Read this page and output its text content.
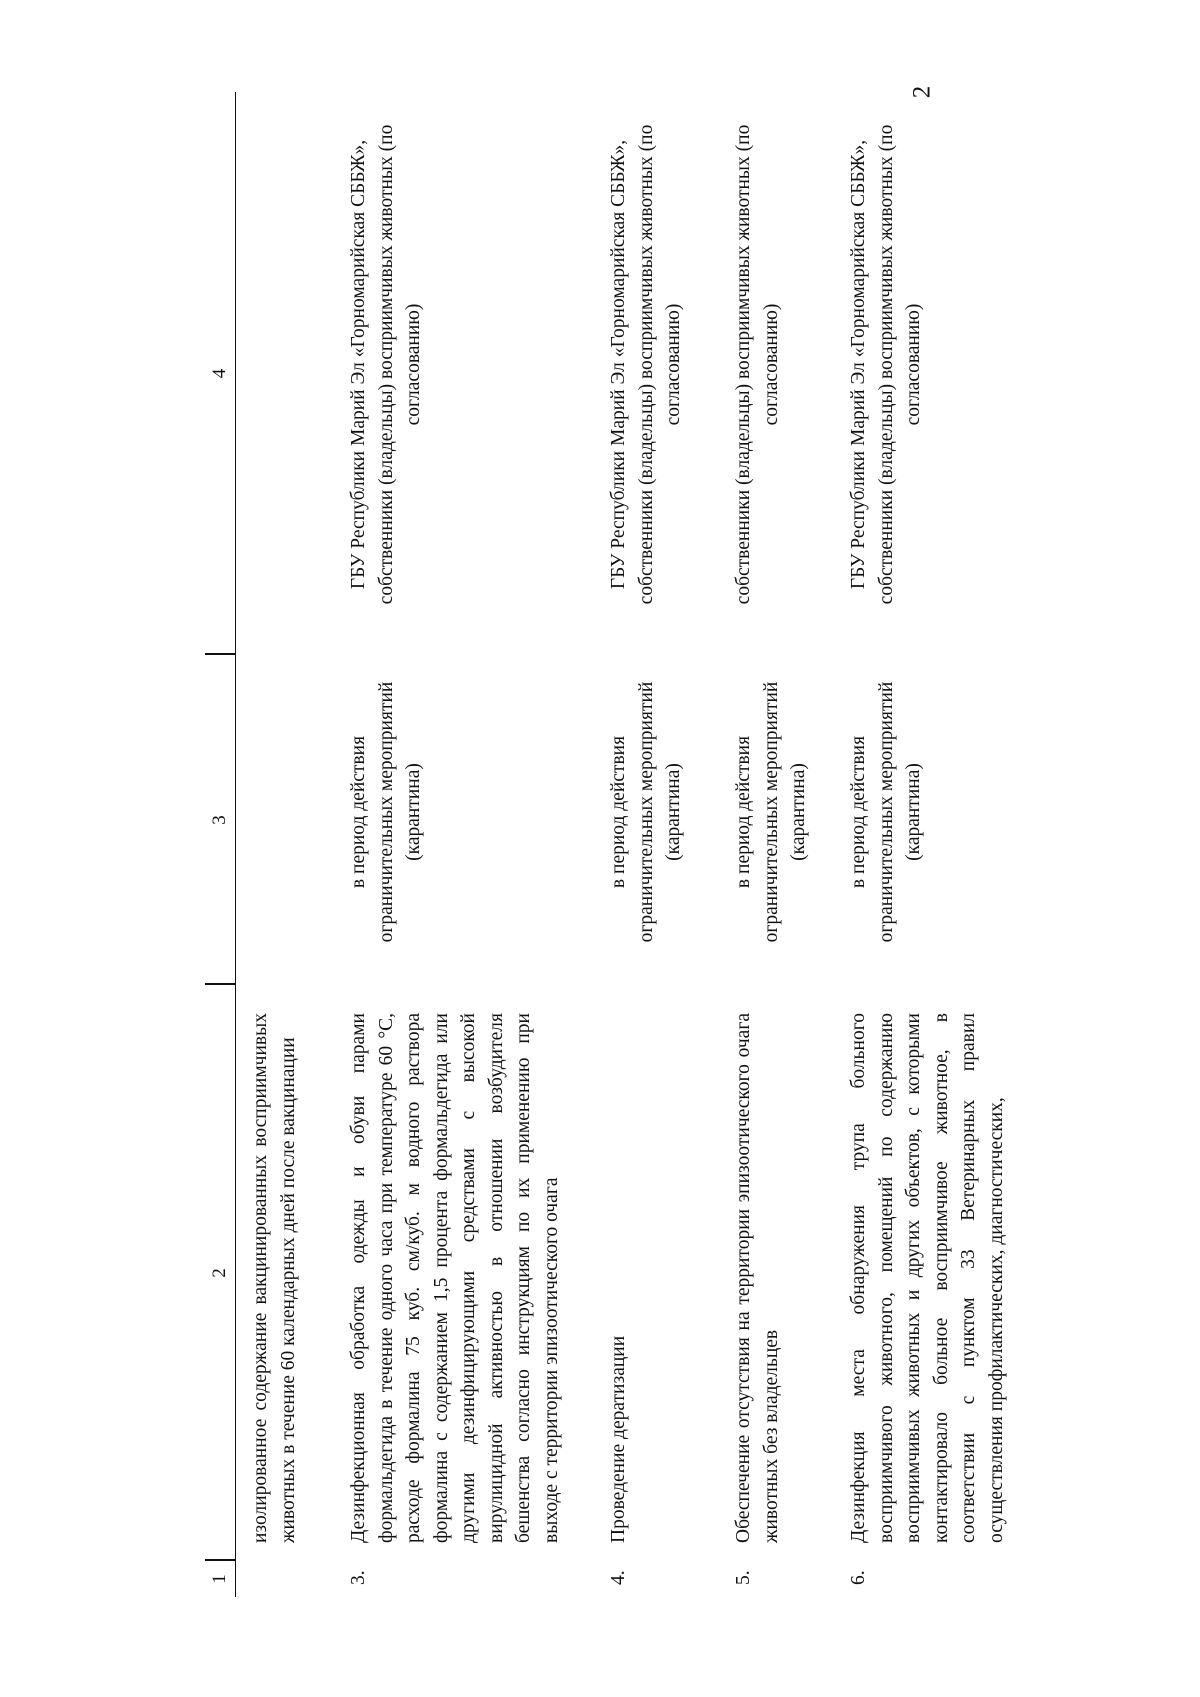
2
1
2
3
4
изолированное содержание вакцинированных восприимчивых животных в течение 60 календарных дней после вакцинации
3.
Дезинфекционная обработка одежды и обуви парами формальдегида в течение одного часа при температуре 60 °С, расходе формалина 75 куб. см/куб. м водного раствора формалина с содержанием 1,5 процента формальдегида или другими дезинфицирующими средствами с высокой вирулицидной активностью в отношении возбудителя бешенства согласно инструкциям по их применению при выходе с территории эпизоотического очага
в период действия ограничительных мероприятий (карантина)
ГБУ Республики Марий Эл «Горномарийская СББЖ», собственники (владельцы) восприимчивых животных (по согласованию)
4.
Проведение дератизации
в период действия ограничительных мероприятий (карантина)
ГБУ Республики Марий Эл «Горномарийская СББЖ», собственники (владельцы) восприимчивых животных (по согласованию)
5.
Обеспечение отсутствия на территории эпизоотического очага животных без владельцев
в период действия ограничительных мероприятий (карантина)
собственники (владельцы) восприимчивых животных (по согласованию)
6.
Дезинфекция места обнаружения трупа больного восприимчивого животного, помещений по содержанию восприимчивых животных и других объектов, с которыми контактировало больное восприимчивое животное, в соответствии с пунктом 33 Ветеринарных правил осуществления профилактических, диагностических,
в период действия ограничительных мероприятий (карантина)
ГБУ Республики Марий Эл «Горномарийская СББЖ», собственники (владельцы) восприимчивых животных (по согласованию)
